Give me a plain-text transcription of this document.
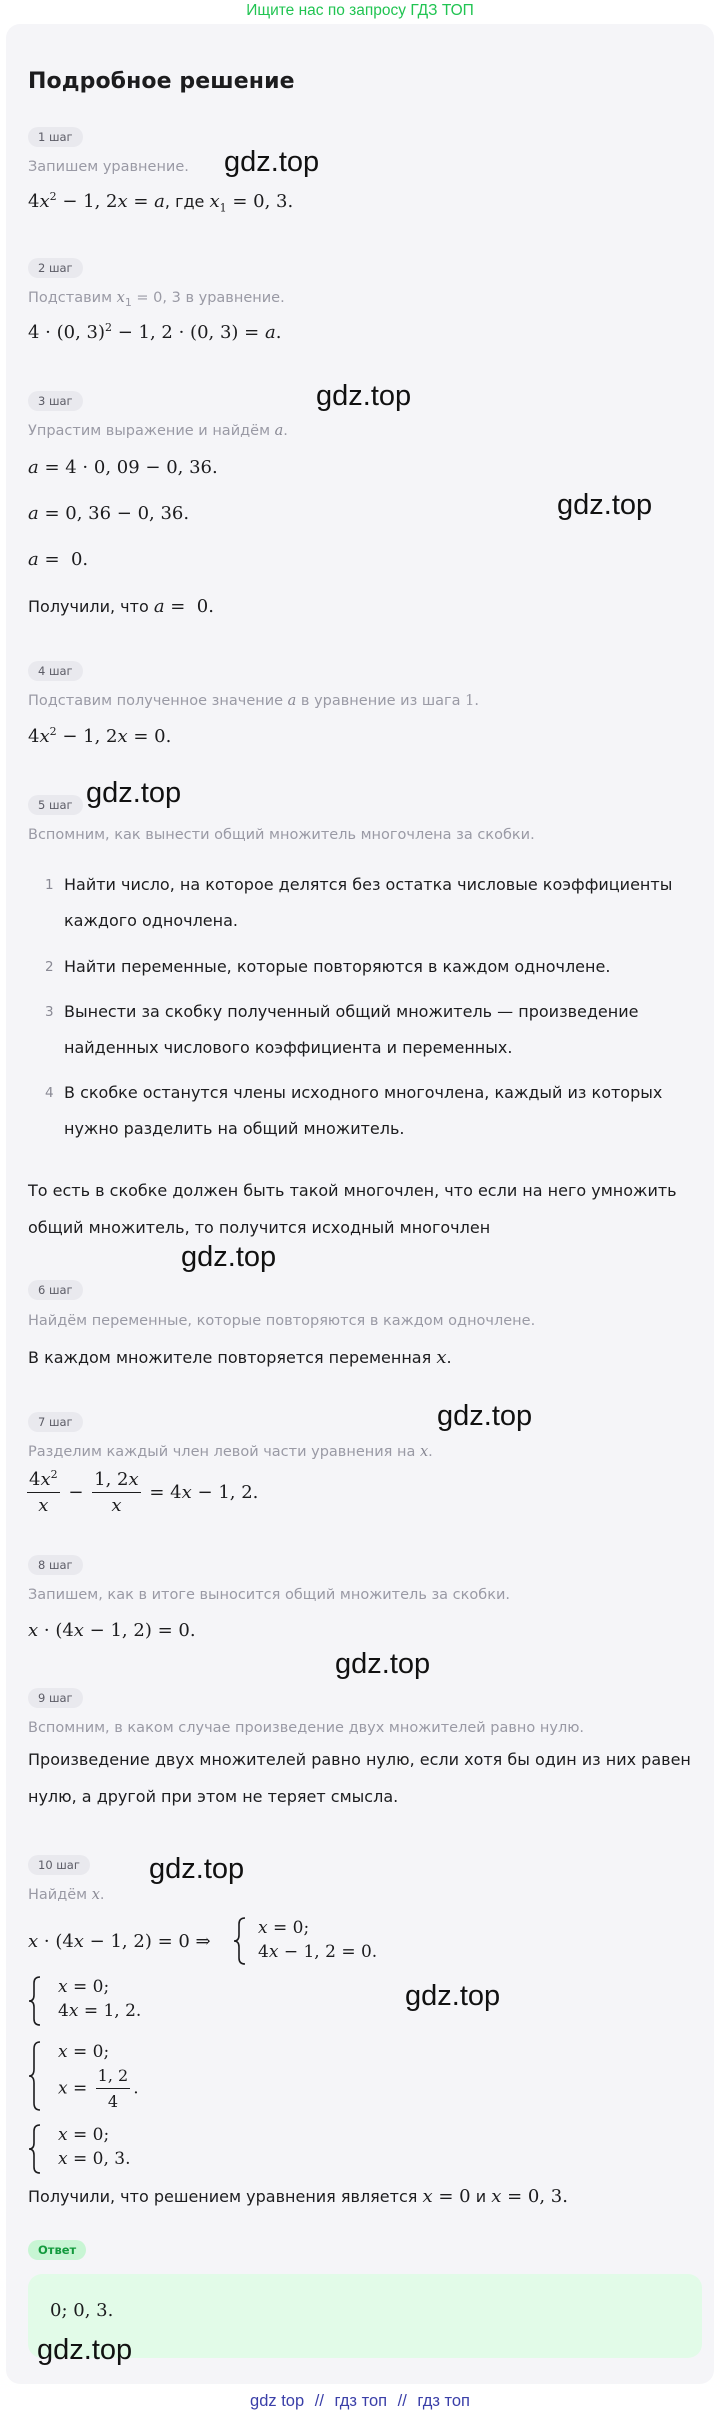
Ищите нас по запросу ГДЗ ТОП
Подробное решение
1 шаг
Запишем уравнение.
$4x^2 - 1$, 2x = a, где $x_1 = 0$, 3.
2 шаг
Подставим $x_1 = 0$, 3 в уравнение.
4 · (0, 3)$^2$ − 1, 2 · (0, 3) = a.
3 шаг
Упрастим выражение и найдём a.
a = 4 · 0, 09 − 0, 36.
a = 0, 36 − 0, 36.
a =  0.
Получили, что a =  0.
4 шаг
Подставим полученное значение a в уравнение из шага 1.
$4x^2 - 1$, 2x = 0.
5 шаг
Вспомним, как вынести общий множитель многочлена за скобки.
1 Найти число, на которое делятся без остатка числовые коэффициенты каждого одночлена.
2 Найти переменные, которые повторяются в каждом одночлене.
3 Вынести за скобку полученный общий множитель — произведение найденных числового коэффициента и переменных.
4 В скобке останутся члены исходного многочлена, каждый из которых нужно разделить на общий множитель.
То есть в скобке должен быть такой многочлен, что если на него умножить общий множитель, то получится исходный многочлен
6 шаг
Найдём переменные, которые повторяются в каждом одночлене.
В каждом множителе повторяется переменная x.
7 шаг
Разделим каждый член левой части уравнения на x.
$\frac{4x^2}{x} - \frac{1, 2x}{x} = 4x - 1$, 2.
8 шаг
Запишем, как в итоге выносится общий множитель за скобки.
x · (4x − 1, 2) = 0.
9 шаг
Вспомним, в каком случае произведение двух множителей равно нулю.
Произведение двух множителей равно нулю, если хотя бы один из них равен нулю, а другой при этом не теряет смысла.
10 шаг
Найдём x.
x · (4x − 1, 2) = 0 ⇒
x = 0;
4x − 1, 2 = 0.
x = 0;
4x = 1, 2.
x = 0;
$x = \frac{1, 2}{4}$ .
x = 0;
x = 0, 3.
Получили, что решением уравнения является x = 0 и x = 0, 3.
Ответ
0; 0, 3.
gdz.top
gdz.top
gdz.top
gdz.top
gdz.top
gdz.top
gdz.top
gdz.top
gdz.top
gdz.top
gdz top // гдз топ // гдз топ
